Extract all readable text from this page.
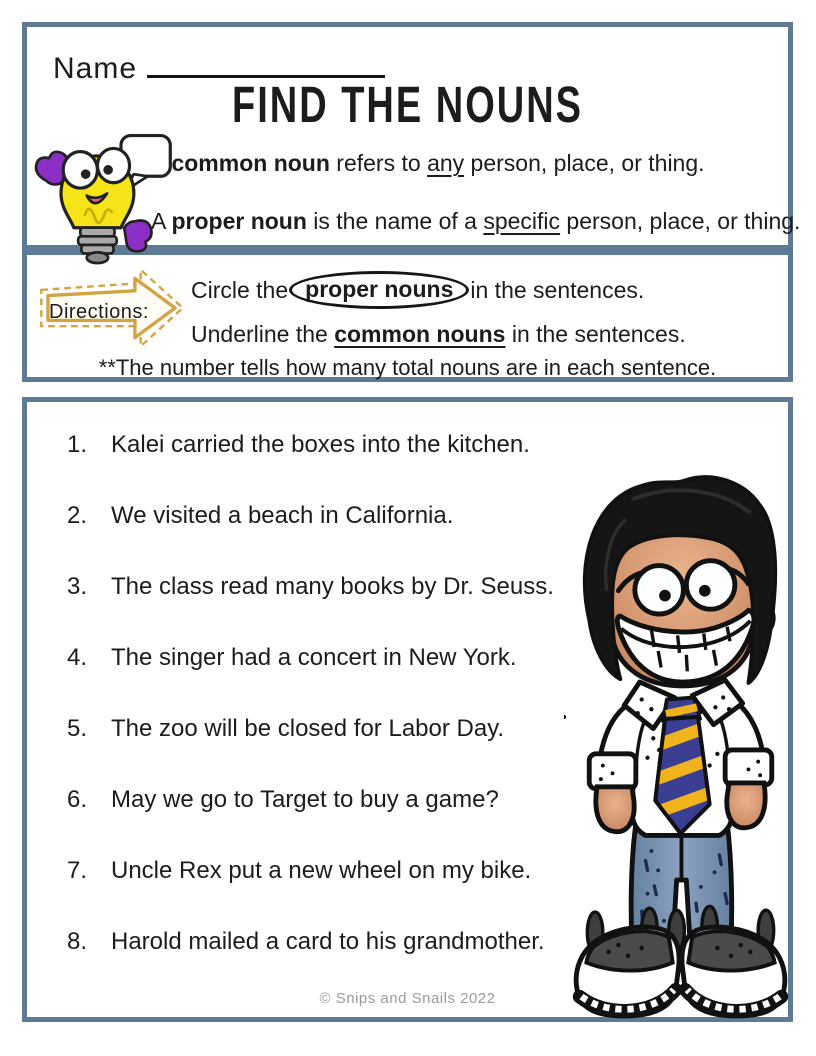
Name
FIND THE NOUNS
common noun refers to any person, place, or thing.
A proper noun is the name of a specific person, place, or thing.
Directions:
Circle the proper nouns in the sentences.
Underline the common nouns in the sentences.
**The number tells how many total nouns are in each sentence.
1. Kalei carried the boxes into the kitchen.
2. We visited a beach in California.
3. The class read many books by Dr. Seuss.
4. The singer had a concert in New York.
5. The zoo will be closed for Labor Day.
6. May we go to Target to buy a game?
7. Uncle Rex put a new wheel on my bike.
8. Harold mailed a card to his grandmother.
© Snips and Snails 2022
